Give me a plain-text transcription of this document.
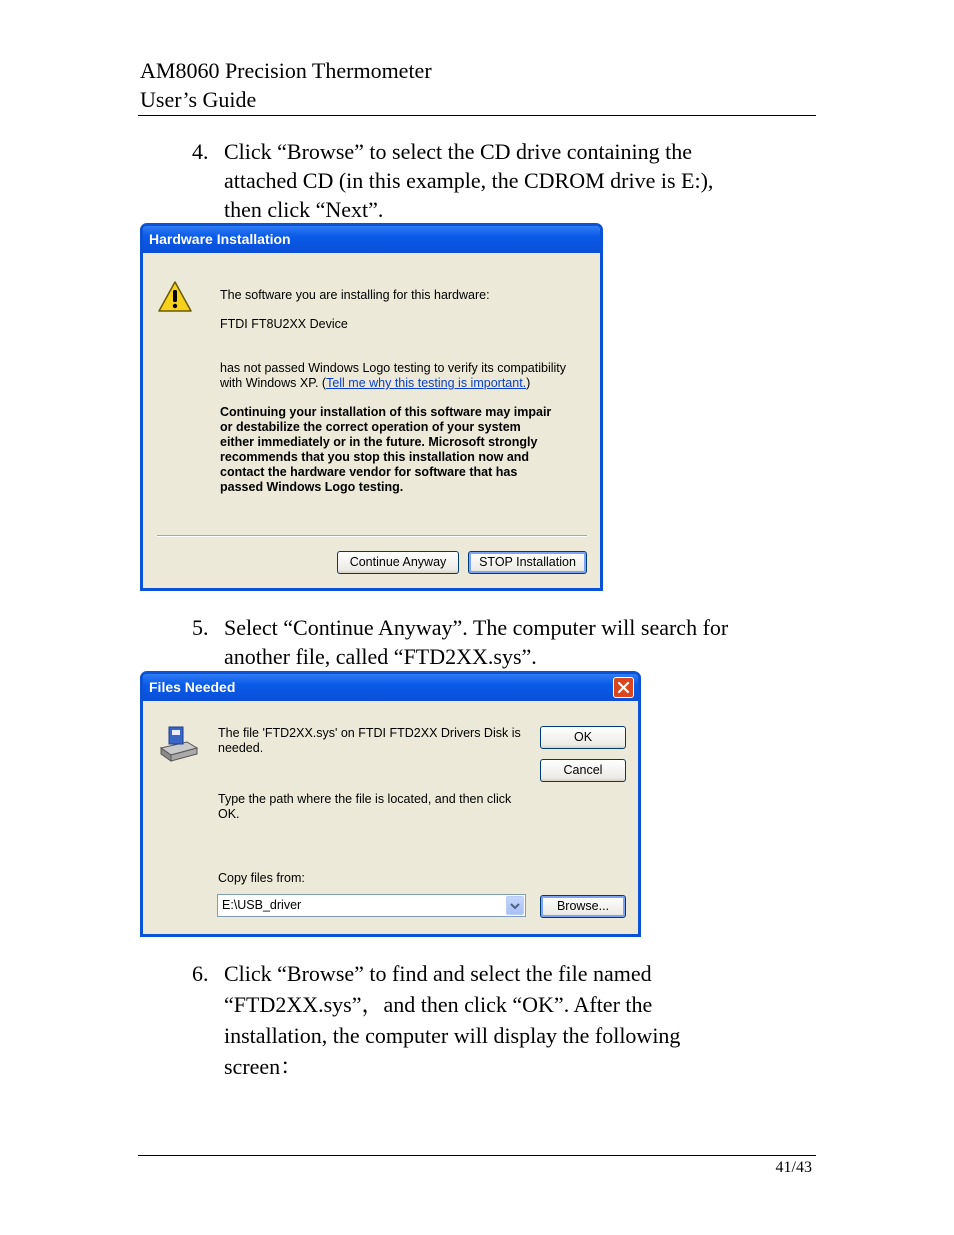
AM8060 Precision Thermometer
User’s Guide
4. Click “Browse” to select the CD drive containing the
attached CD (in this example, the CDROM drive is E:),
then click “Next”.
Hardware Installation
The software you are installing for this hardware:
FTDI FT8U2XX Device
has not passed Windows Logo testing to verify its compatibility
with Windows XP. (Tell me why this testing is important.)
Continuing your installation of this software may impair
or destabilize the correct operation of your system
either immediately or in the future. Microsoft strongly
recommends that you stop this installation now and
contact the hardware vendor for software that has
passed Windows Logo testing.
Continue Anyway	STOP Installation
5. Select “Continue Anyway”. The computer will search for
another file, called “FTD2XX.sys”.
Files Needed
The file 'FTD2XX.sys' on FTDI FTD2XX Drivers Disk is
needed.
Type the path where the file is located, and then click
OK.
OK
Cancel
Copy files from:
E:\USB_driver	Browse...
6. Click “Browse” to find and select the file named
“FTD2XX.sys”，and then click “OK”. After the
installation, the computer will display the following
screen：
41/43
